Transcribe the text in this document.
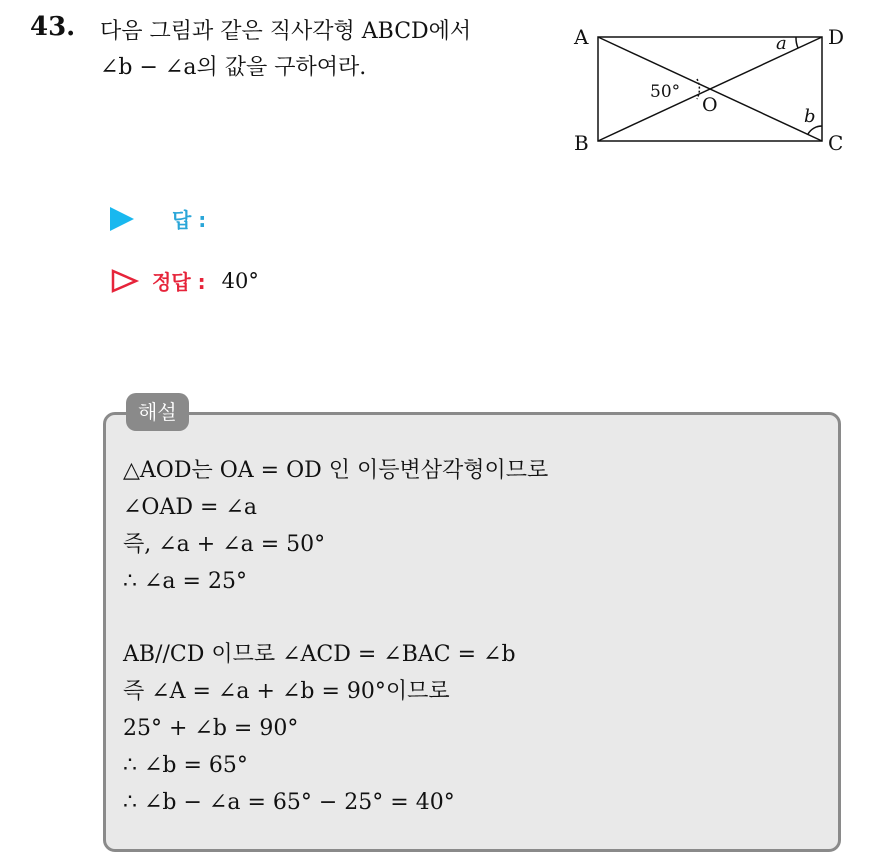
43. 다음 그림과 같은 직사각형 ABCD에서
∠b − ∠a의 값을 구하여라.
A	D
B	C
O
50°
a
b
답 :
정답 : 40°
해설
△AOD는 OA = OD 인 이등변삼각형이므로
∠OAD = ∠a
즉, ∠a + ∠a = 50°
∴ ∠a = 25°
AB//CD 이므로 ∠ACD = ∠BAC = ∠b
즉 ∠A = ∠a + ∠b = 90°이므로
25° + ∠b = 90°
∴ ∠b = 65°
∴ ∠b − ∠a = 65° − 25° = 40°
